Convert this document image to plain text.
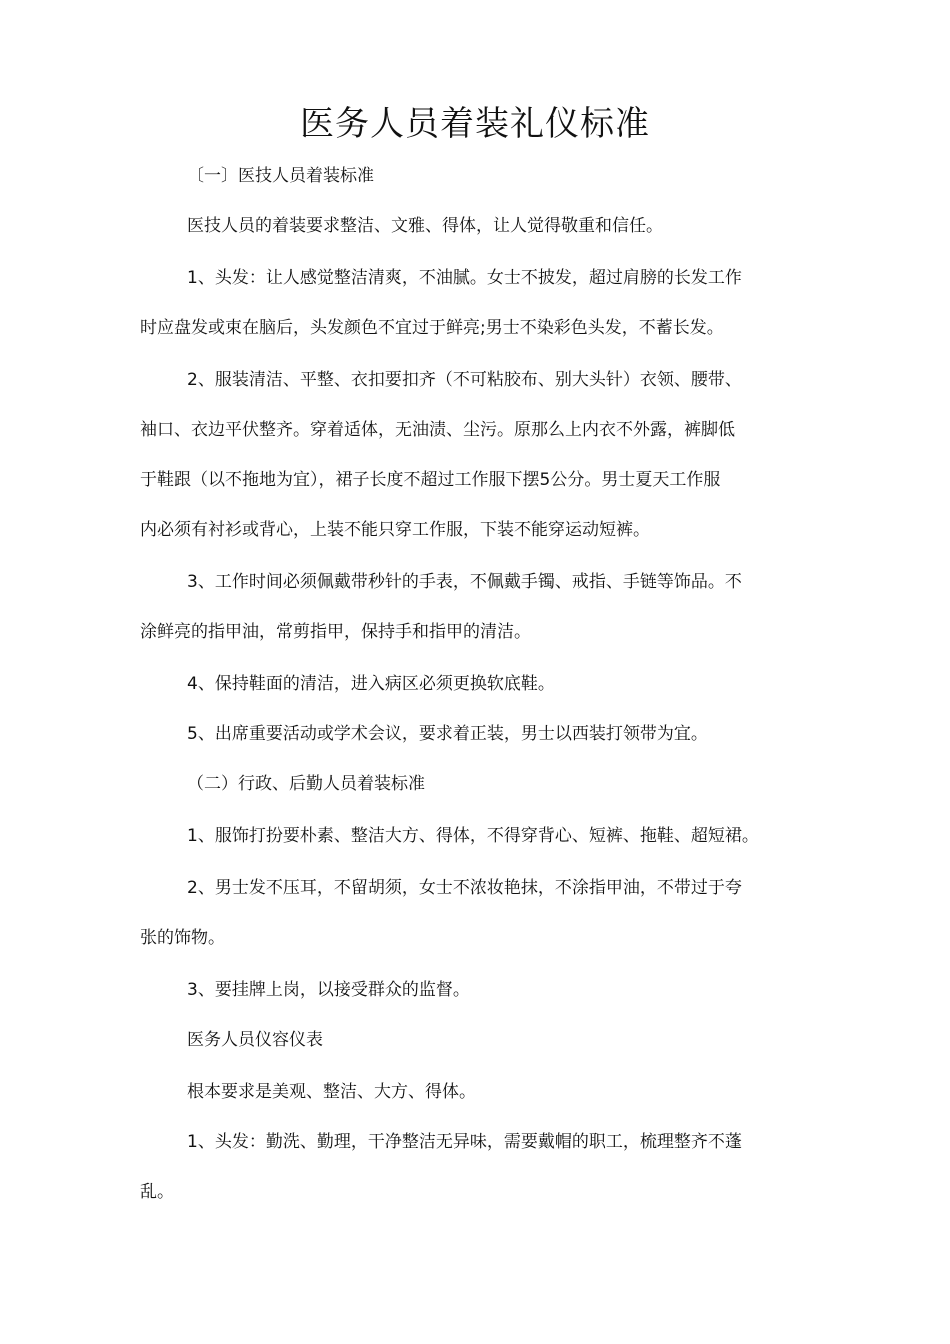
医务人员着装礼仪标准
〔一〕医技人员着装标准
医技人员的着装要求整洁、文雅、得体，让人觉得敬重和信任。
1、头发：让人感觉整洁清爽，不油腻。女士不披发，超过肩膀的长发工作
时应盘发或束在脑后，头发颜色不宜过于鲜亮;男士不染彩色头发，不蓄长发。
2、服装清洁、平整、衣扣要扣齐（不可粘胶布、别大头针）衣领、腰带、
袖口、衣边平伏整齐。穿着适体，无油渍、尘污。原那么上内衣不外露，裤脚低
于鞋跟（以不拖地为宜），裙子长度不超过工作服下摆5公分。男士夏天工作服
内必须有衬衫或背心，上装不能只穿工作服，下装不能穿运动短裤。
3、工作时间必须佩戴带秒针的手表，不佩戴手镯、戒指、手链等饰品。不
涂鲜亮的指甲油，常剪指甲，保持手和指甲的清洁。
4、保持鞋面的清洁，进入病区必须更换软底鞋。
5、出席重要活动或学术会议，要求着正装，男士以西装打领带为宜。
（二）行政、后勤人员着装标准
1、服饰打扮要朴素、整洁大方、得体，不得穿背心、短裤、拖鞋、超短裙。
2、男士发不压耳，不留胡须，女士不浓妆艳抹，不涂指甲油，不带过于夸
张的饰物。
3、要挂牌上岗，以接受群众的监督。
医务人员仪容仪表
根本要求是美观、整洁、大方、得体。
1、头发：勤洗、勤理，干净整洁无异味，需要戴帽的职工，梳理整齐不蓬
乱。
